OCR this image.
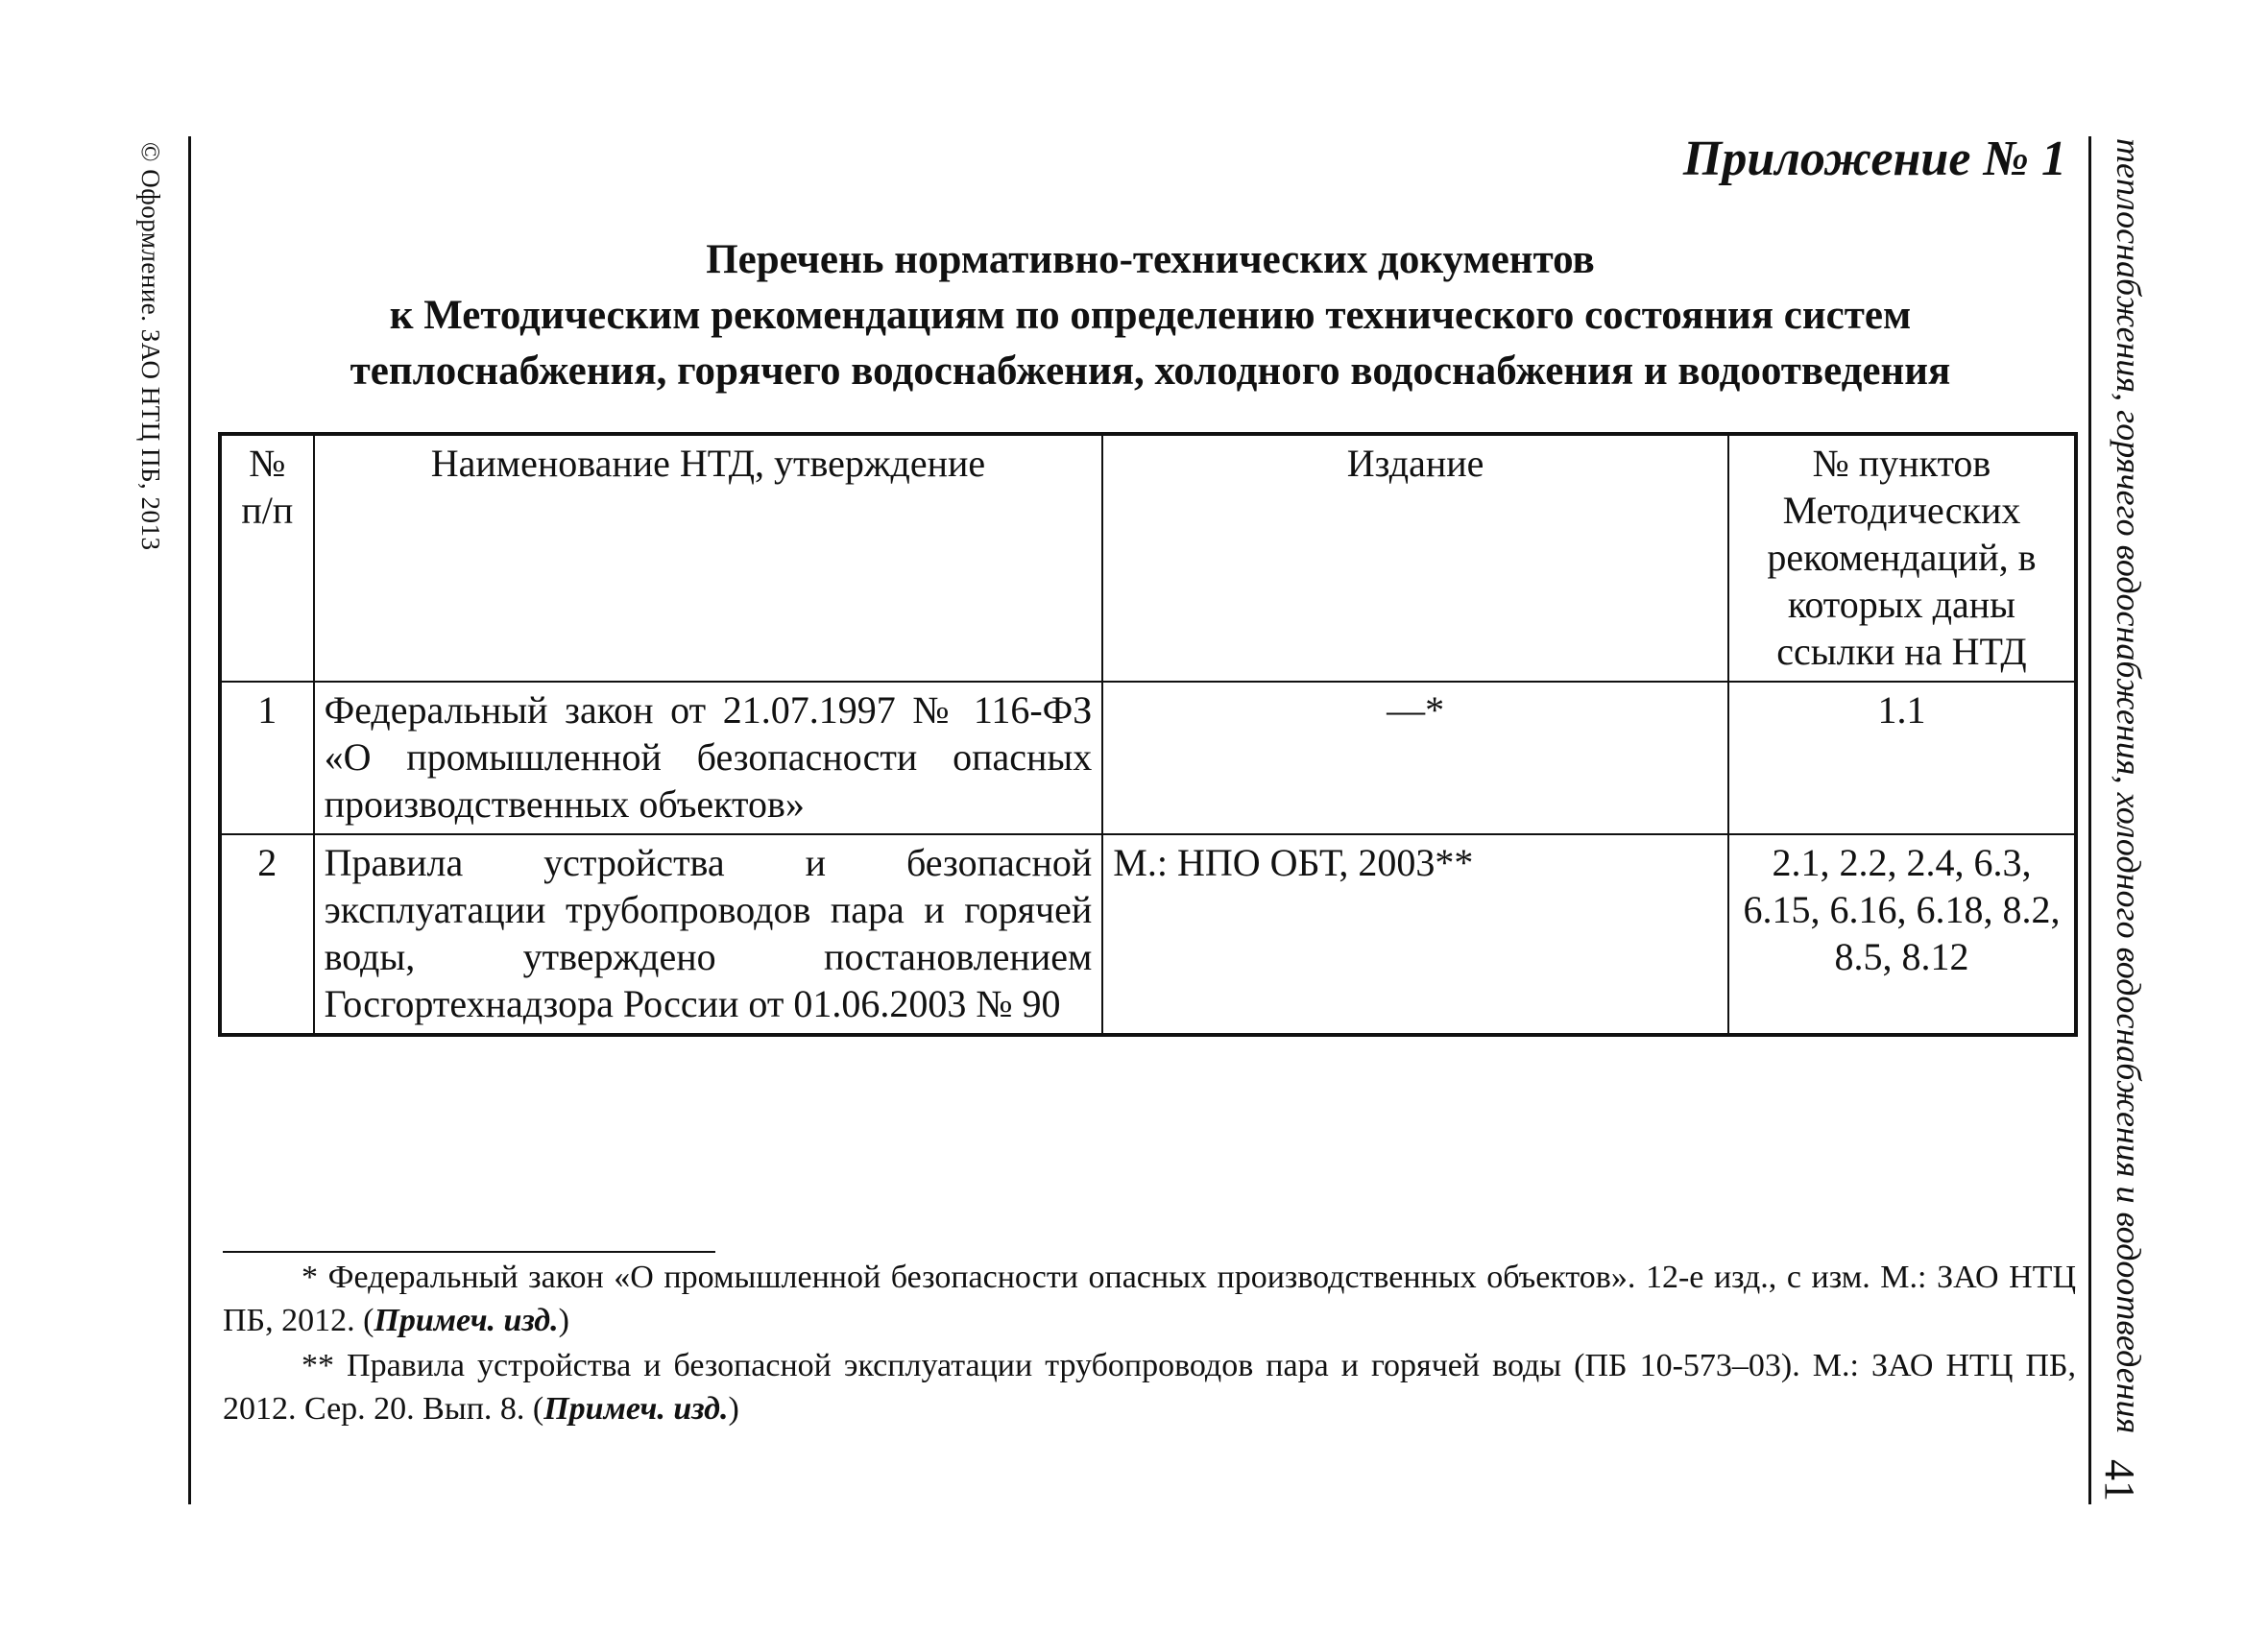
© Оформление. ЗАО НТЦ ПБ, 2013	теплоснабжения, горячего водоснабжения, холодного водоснабжения и водоотведения
41
Приложение № 1
Перечень нормативно-технических документов
к Методическим рекомендациям по определению технического состояния систем
теплоснабжения, горячего водоснабжения, холодного водоснабжения и водоотведения
№ п/п	Наименование НТД, утверждение	Издание	№ пунктов Методических рекомендаций, в которых даны ссылки на НТД
1	Федеральный закон от 21.07.1997 № 116-ФЗ «О промышленной безопасности опасных производственных объектов»	—*	1.1
2	Правила устройства и безопасной эксплуатации трубопроводов пара и горячей воды, утверждено постановлением Госгортехнадзора России от 01.06.2003 № 90	М.: НПО ОБТ, 2003**	2.1, 2.2, 2.4, 6.3, 6.15, 6.16, 6.18, 8.2, 8.5, 8.12

* Федеральный закон «О промышленной безопасности опасных производственных объектов». 12-е изд., с изм. М.: ЗАО НТЦ ПБ, 2012. (Примеч. изд.)

** Правила устройства и безопасной эксплуатации трубопроводов пара и горячей воды (ПБ 10-573–03). М.: ЗАО НТЦ ПБ, 2012. Сер. 20. Вып. 8. (Примеч. изд.)
